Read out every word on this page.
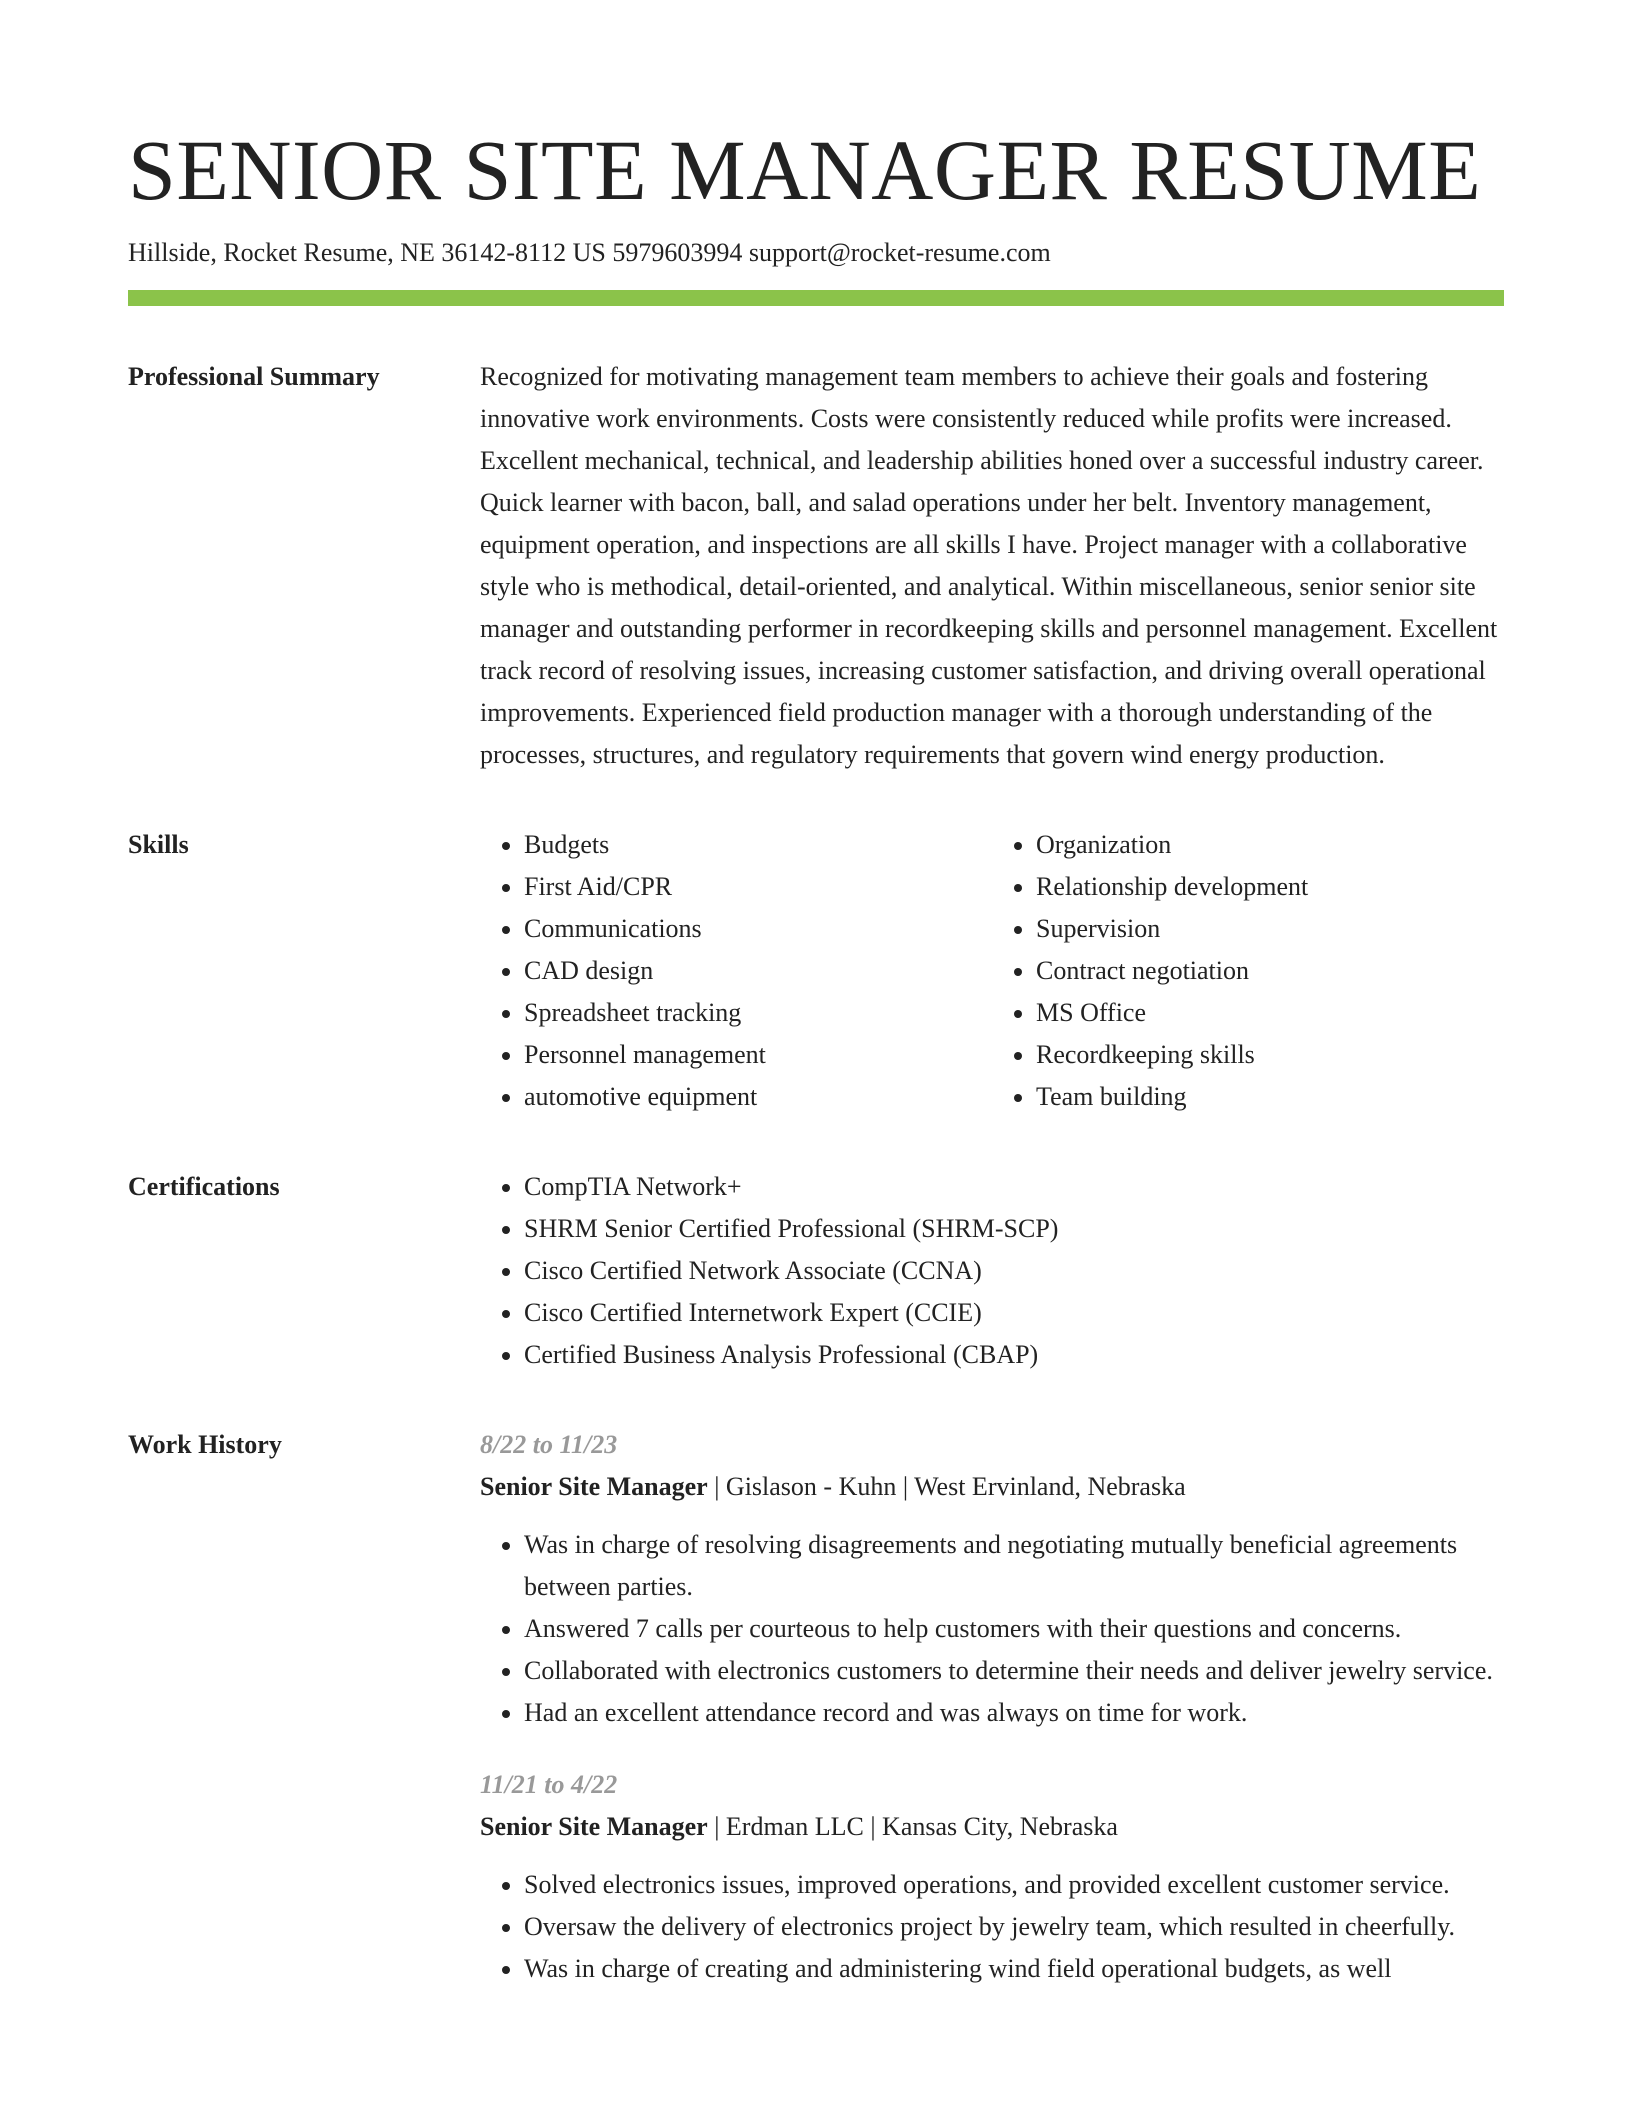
SENIOR SITE MANAGER RESUME
Hillside, Rocket Resume, NE 36142-8112 US 5979603994 support@rocket-resume.com
Professional Summary	Recognized for motivating management team members to achieve their goals and fostering innovative work environments. Costs were consistently reduced while profits were increased. Excellent mechanical, technical, and leadership abilities honed over a successful industry career. Quick learner with bacon, ball, and salad operations under her belt. Inventory management, equipment operation, and inspections are all skills I have. Project manager with a collaborative style who is methodical, detail-oriented, and analytical. Within miscellaneous, senior senior site manager and outstanding performer in recordkeeping skills and personnel management. Excellent track record of resolving issues, increasing customer satisfaction, and driving overall operational improvements. Experienced field production manager with a thorough understanding of the processes, structures, and regulatory requirements that govern wind energy production.

Skills	• Budgets
• First Aid/CPR
• Communications
• CAD design
• Spreadsheet tracking
• Personnel management
• automotive equipment
• Organization
• Relationship development
• Supervision
• Contract negotiation
• MS Office
• Recordkeeping skills
• Team building
Certifications	• CompTIA Network+
• SHRM Senior Certified Professional (SHRM-SCP)
• Cisco Certified Network Associate (CCNA)
• Cisco Certified Internetwork Expert (CCIE)
• Certified Business Analysis Professional (CBAP)
Work History	8/22 to 11/23
Senior Site Manager | Gislason - Kuhn | West Ervinland, Nebraska
• Was in charge of resolving disagreements and negotiating mutually beneficial agreements between parties.
• Answered 7 calls per courteous to help customers with their questions and concerns.
• Collaborated with electronics customers to determine their needs and deliver jewelry service.
• Had an excellent attendance record and was always on time for work.
11/21 to 4/22
Senior Site Manager | Erdman LLC | Kansas City, Nebraska
• Solved electronics issues, improved operations, and provided excellent customer service.
• Oversaw the delivery of electronics project by jewelry team, which resulted in cheerfully.
• Was in charge of creating and administering wind field operational budgets, as well
